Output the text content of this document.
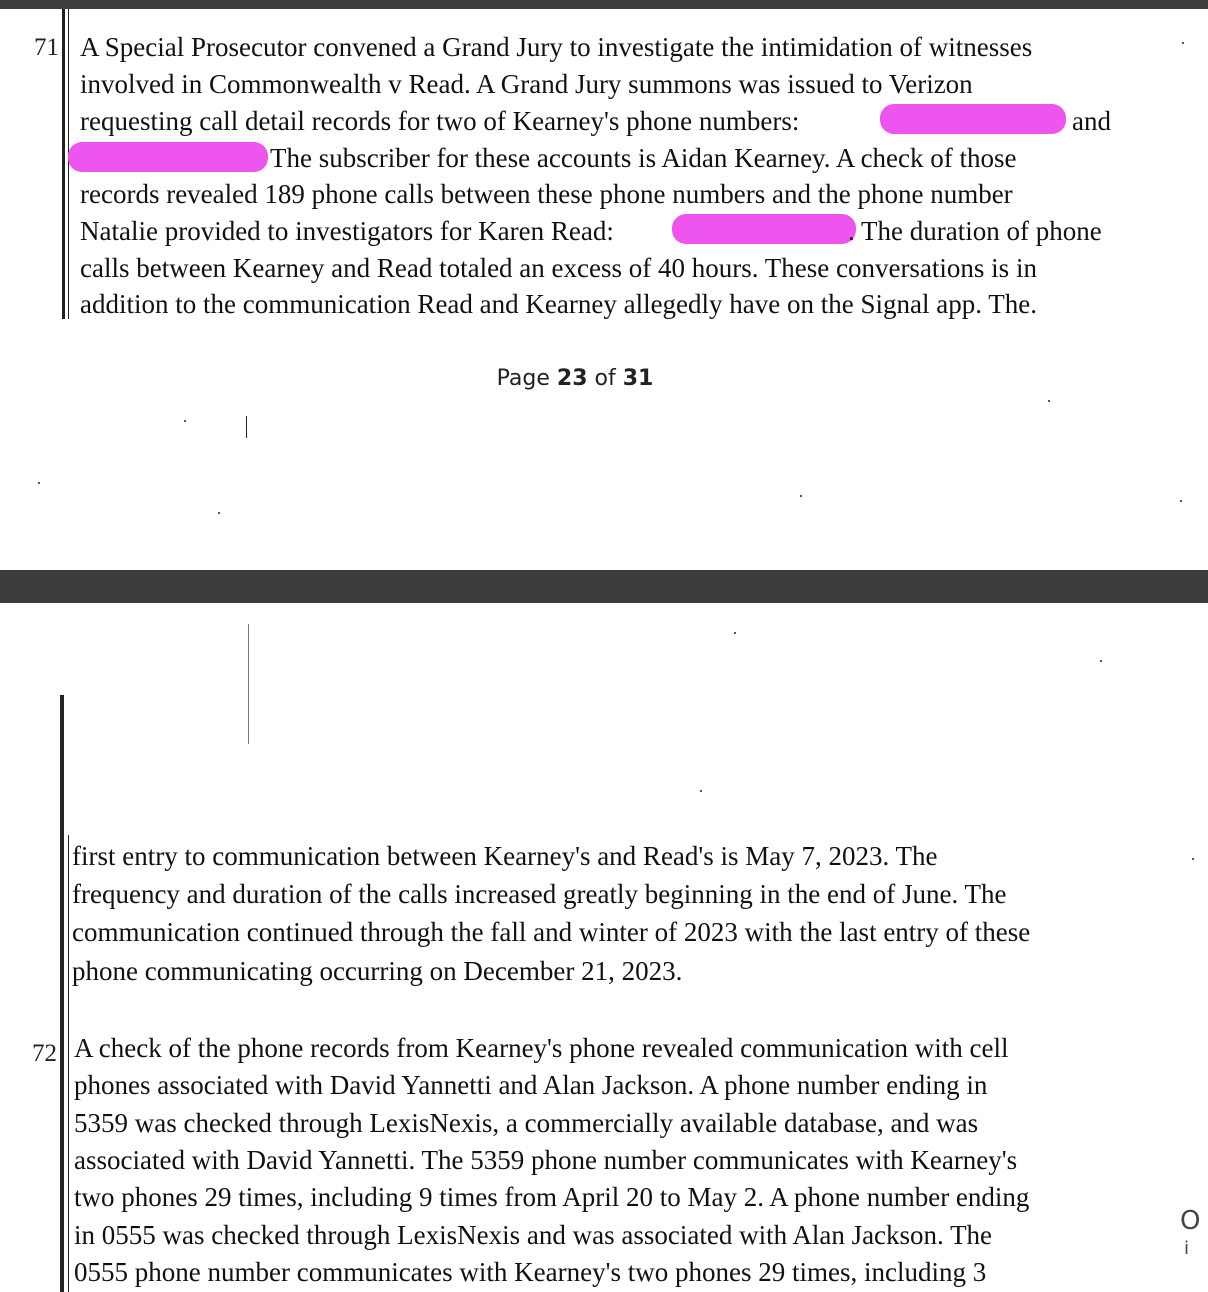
71 A Special Prosecutor convened a Grand Jury to investigate the intimidation of witnesses
involved in Commonwealth v Read. A Grand Jury summons was issued to Verizon
requesting call detail records for two of Kearney's phone numbers:	and
The subscriber for these accounts is Aidan Kearney. A check of those
records revealed 189 phone calls between these phone numbers and the phone number
Natalie provided to investigators for Karen Read:	. The duration of phone
calls between Kearney and Read totaled an excess of 40 hours. These conversations is in
addition to the communication Read and Kearney allegedly have on the Signal app. The.
Page 23 of 31
first entry to communication between Kearney's and Read's is May 7, 2023. The
frequency and duration of the calls increased greatly beginning in the end of June. The
communication continued through the fall and winter of 2023 with the last entry of these
phone communicating occurring on December 21, 2023.
72 A check of the phone records from Kearney's phone revealed communication with cell
phones associated with David Yannetti and Alan Jackson. A phone number ending in
5359 was checked through LexisNexis, a commercially available database, and was
associated with David Yannetti. The 5359 phone number communicates with Kearney's
two phones 29 times, including 9 times from April 20 to May 2. A phone number ending
in 0555 was checked through LexisNexis and was associated with Alan Jackson. The
0555 phone number communicates with Kearney's two phones 29 times, including 3
O
i
